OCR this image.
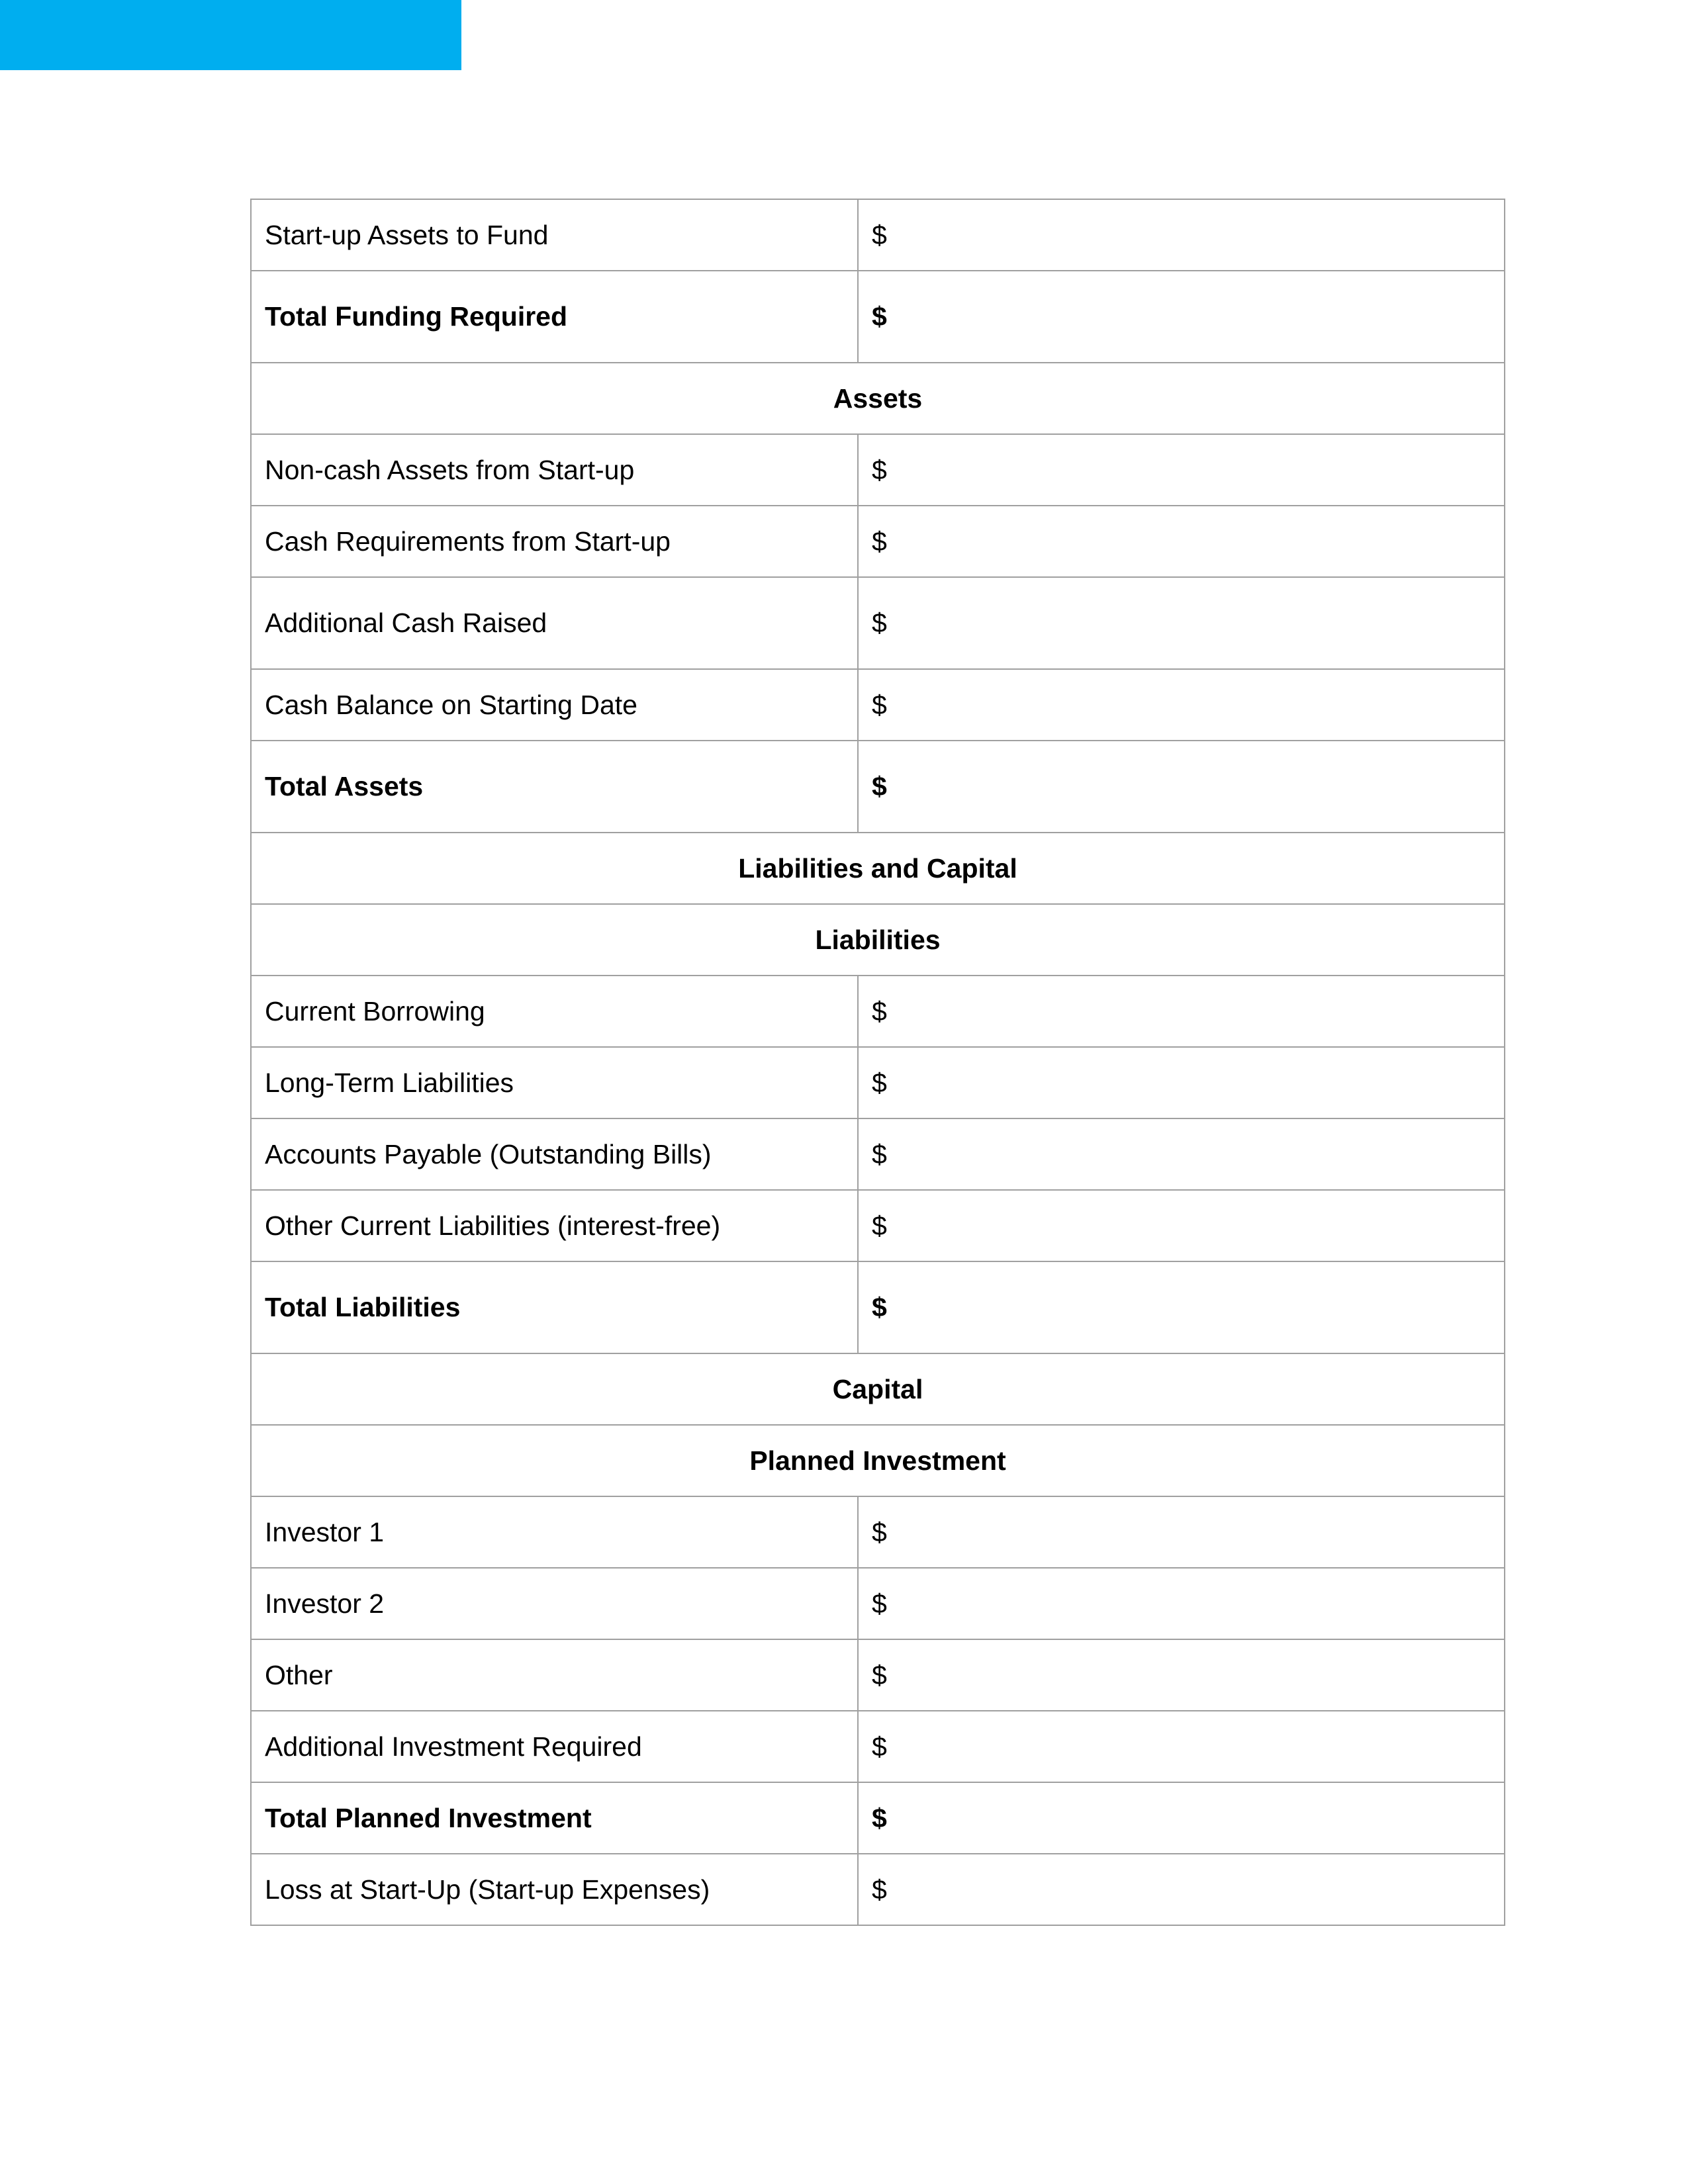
Start-up Assets to Fund	$
Total Funding Required	$
Assets	
Non-cash Assets from Start-up	$
Cash Requirements from Start-up	$
Additional Cash Raised	$
Cash Balance on Starting Date	$
Total Assets	$
Liabilities and Capital	
Liabilities	
Current Borrowing	$
Long-Term Liabilities	$
Accounts Payable (Outstanding Bills)	$
Other Current Liabilities (interest-free)	$
Total Liabilities	$
Capital	
Planned Investment	
Investor 1	$
Investor 2	$
Other	$
Additional Investment Required	$
Total Planned Investment	$
Loss at Start-Up (Start-up Expenses)	$
